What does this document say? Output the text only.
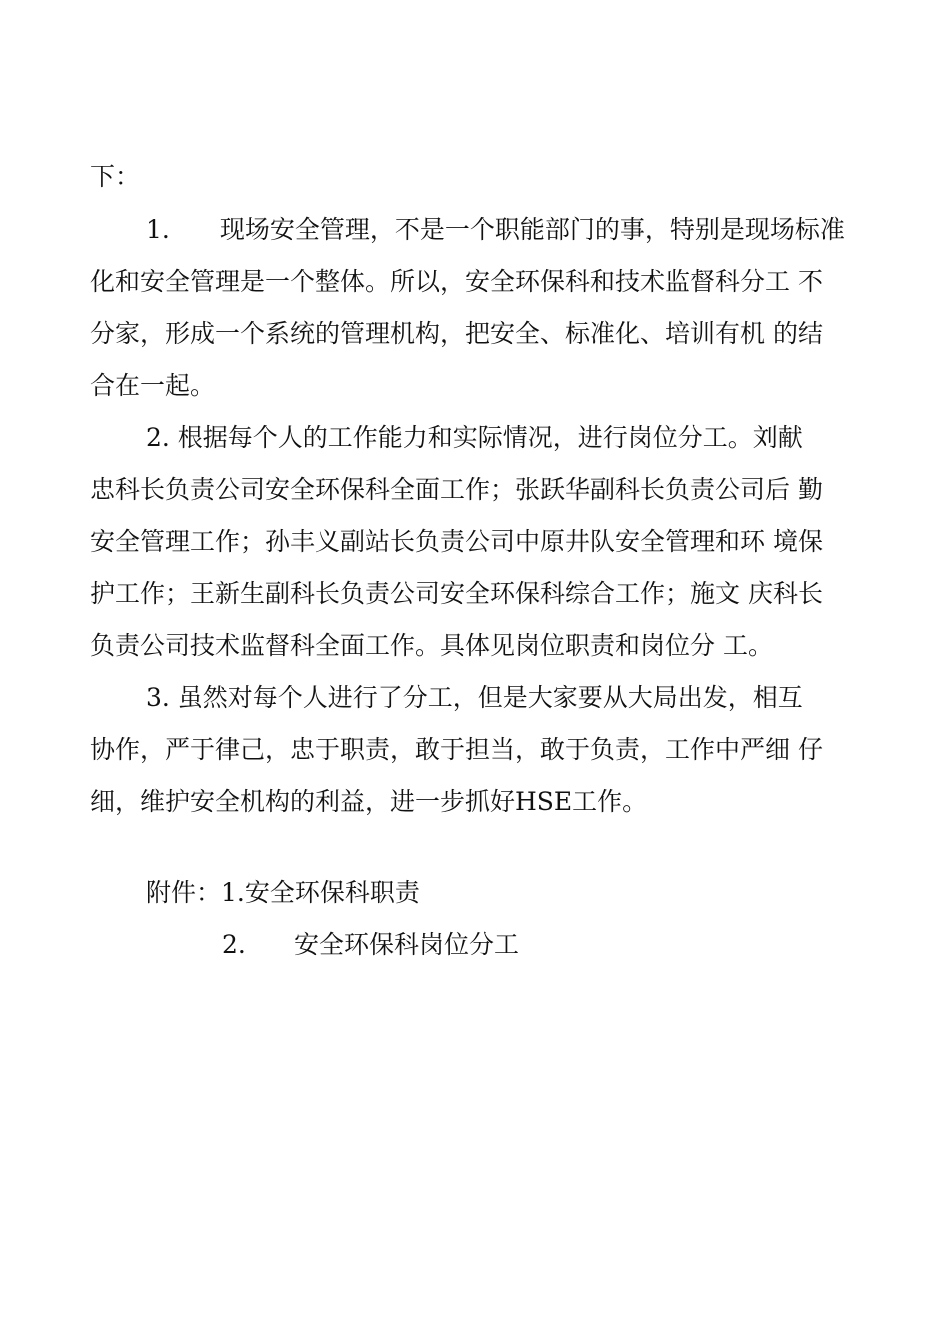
下：
1.　　现场安全管理，不是一个职能部门的事，特别是现场标准
化和安全管理是一个整体。所以，安全环保科和技术监督科分工 不
分家，形成一个系统的管理机构，把安全、标准化、培训有机 的结
合在一起。
2. 根据每个人的工作能力和实际情况，进行岗位分工。刘献
忠科长负责公司安全环保科全面工作；张跃华副科长负责公司后 勤
安全管理工作；孙丰义副站长负责公司中原井队安全管理和环 境保
护工作；王新生副科长负责公司安全环保科综合工作；施文 庆科长
负责公司技术监督科全面工作。具体见岗位职责和岗位分 工。
3. 虽然对每个人进行了分工，但是大家要从大局出发，相互
协作，严于律己，忠于职责，敢于担当，敢于负责，工作中严细 仔
细，维护安全机构的利益，进一步抓好HSE工作。
附件：1.安全环保科职责
2. 安全环保科岗位分工
